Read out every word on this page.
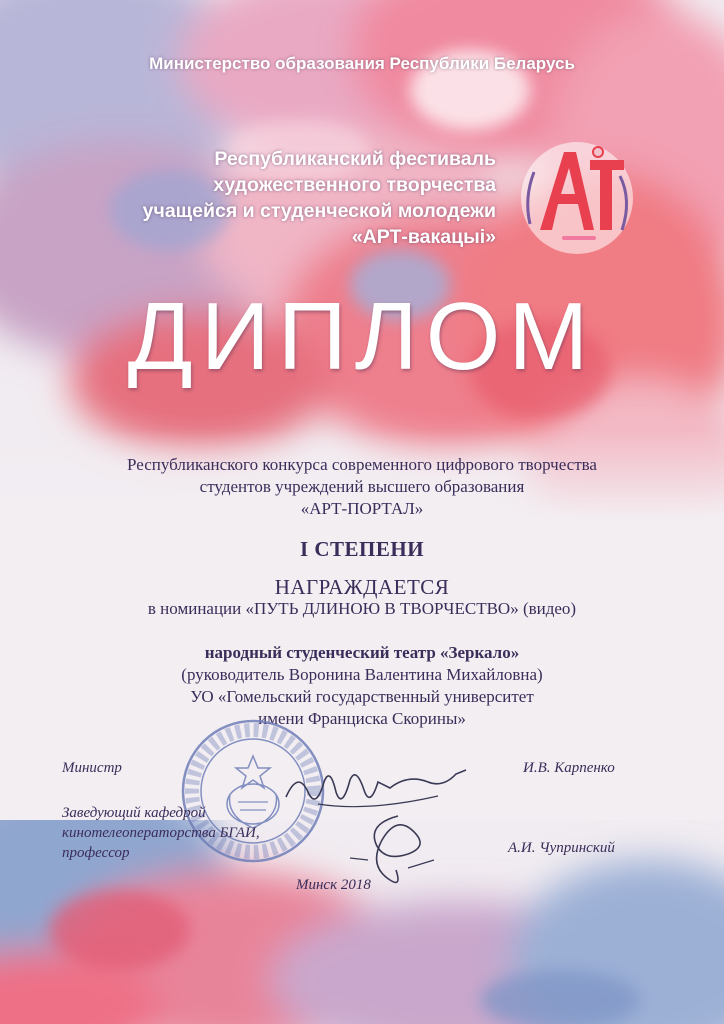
Министерство образования Республики Беларусь
Республиканский фестиваль
художественного творчества
учащейся и студенческой молодежи
«АРТ-вакацыі»
ДИПЛОМ
Республиканского конкурса современного цифрового творчества
студентов учреждений высшего образования
«АРТ-ПОРТАЛ»
I СТЕПЕНИ
НАГРАЖДАЕТСЯ
в номинации «ПУТЬ ДЛИНОЮ В ТВОРЧЕСТВО» (видео)
народный студенческий театр «Зеркало»
(руководитель Воронина Валентина Михайловна)
УО «Гомельский государственный университет
имени Франциска Скорины»
Министр	И.В. Карпенко
Заведующий кафедрой
кинотелеоператорства БГАИ,
профессор	А.И. Чупринский
Минск 2018
